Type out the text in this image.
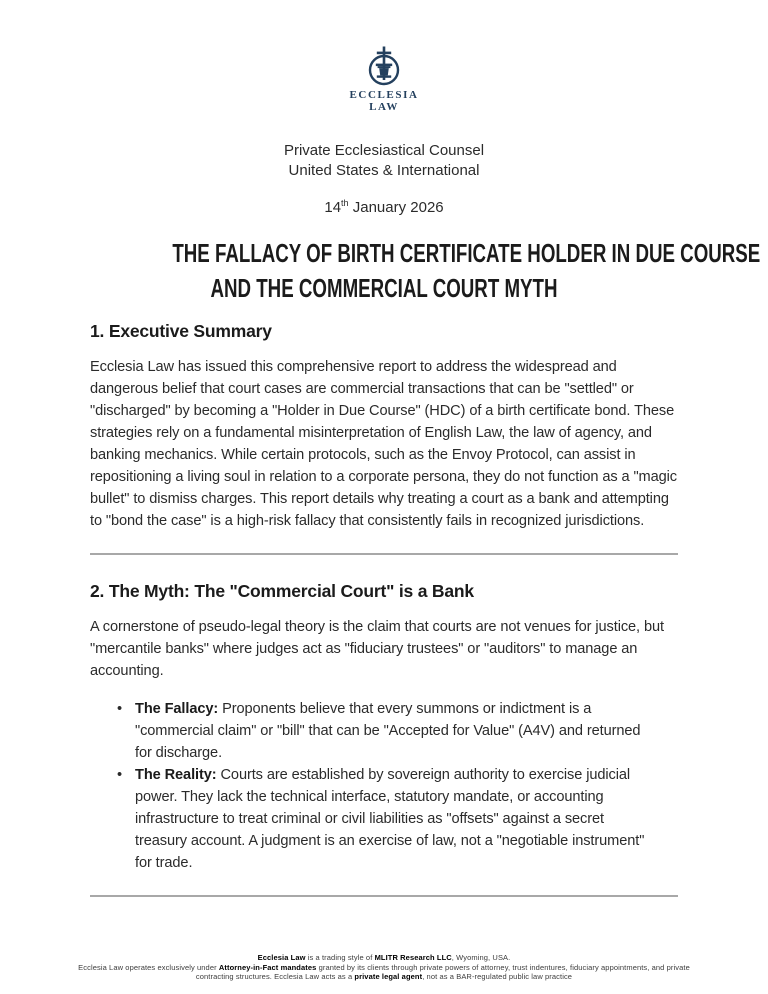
ECCLESIA
LAW
Private Ecclesiastical Counsel
United States & International
14th January 2026
THE FALLACY OF BIRTH CERTIFICATE HOLDER IN DUE COURSE
AND THE COMMERCIAL COURT MYTH
1. Executive Summary

Ecclesia Law has issued this comprehensive report to address the widespread and dangerous belief that court cases are commercial transactions that can be "settled" or "discharged" by becoming a "Holder in Due Course" (HDC) of a birth certificate bond. These strategies rely on a fundamental misinterpretation of English Law, the law of agency, and banking mechanics. While certain protocols, such as the Envoy Protocol, can assist in repositioning a living soul in relation to a corporate persona, they do not function as a "magic bullet" to dismiss charges. This report details why treating a court as a bank and attempting to "bond the case" is a high-risk fallacy that consistently fails in recognized jurisdictions.

2. The Myth: The "Commercial Court" is a Bank

A cornerstone of pseudo-legal theory is the claim that courts are not venues for justice, but "mercantile banks" where judges act as "fiduciary trustees" or "auditors" to manage an accounting.

• The Fallacy: Proponents believe that every summons or indictment is a "commercial claim" or "bill" that can be "Accepted for Value" (A4V) and returned for discharge.
• The Reality: Courts are established by sovereign authority to exercise judicial power. They lack the technical interface, statutory mandate, or accounting infrastructure to treat criminal or civil liabilities as "offsets" against a secret treasury account. A judgment is an exercise of law, not a "negotiable instrument" for trade.
Ecclesia Law is a trading style of MLITR Research LLC, Wyoming, USA.
Ecclesia Law operates exclusively under Attorney-in-Fact mandates granted by its clients through private powers of attorney, trust indentures, fiduciary appointments, and private contracting structures. Ecclesia Law acts as a private legal agent, not as a BAR-regulated public law practice
